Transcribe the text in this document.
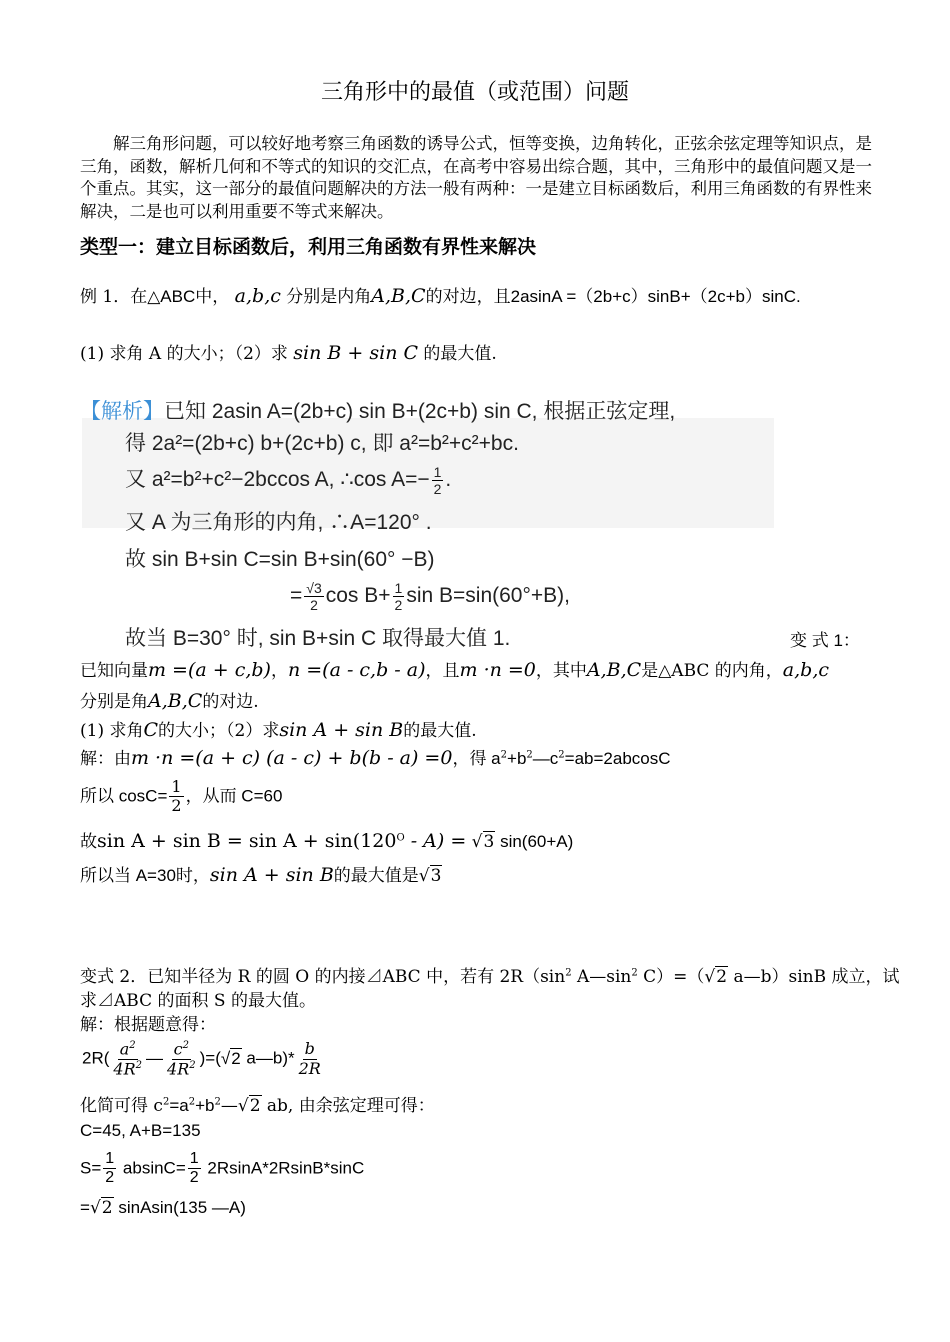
三角形中的最值（或范围）问题
解三角形问题，可以较好地考察三角函数的诱导公式，恒等变换，边角转化，正弦余弦定理等知识点，是三角，函数，解析几何和不等式的知识的交汇点，在高考中容易出综合题，其中，三角形中的最值问题又是一个重点。其实，这一部分的最值问题解决的方法一般有两种：一是建立目标函数后，利用三角函数的有界性来解决，二是也可以利用重要不等式来解决。
类型一：建立目标函数后，利用三角函数有界性来解决
例 1．在△ABC中， a,b,c 分别是内角A,B,C的对边，且2asinA =（2b+c）sinB+（2c+b）sinC.
(1) 求角 A 的大小；（2）求 sin B + sin C 的最大值.
【解析】已知 2asin A=(2b+c) sin B+(2c+b) sin C, 根据正弦定理,
得 2a²=(2b+c) b+(2c+b) c, 即 a²=b²+c²+bc.
又 a²=b²+c²−2bccos A, ∴cos $A=- \frac{1}{2}$ .
又 A 为三角形的内角, ∴A=120° .
故 sin B+sin C=sin B+sin(60° −B)
= $\frac{√3}{2}$ $\cos B+ \frac{1}{2}$ sin B=sin(60°+B),
故当 B=30° 时, sin B+sin C 取得最大值 1.	变 式 1：
已知向量m =(a + c,b)，n =(a - c,b - a)，且m ·n =0，其中A,B,C是△ABC 的内角，a,b,c
分别是角A,B,C的对边.
(1) 求角C的大小；（2）求sin A + sin B的最大值.
解：由m ·n =(a + c) (a - c) + b(b - a) =0，得 $a^2+b^2—c^2=ab=2abcosC$
所以 $\cos C= \frac{1}{2}$ ，从而 C=60
故$\sin A + \sin B = \sin A + \sin(120^O - A) = √3$ sin(60+A)
所以当 A=30时，sin A + sin B的最大值是√3
变式 2．已知半径为 R 的圆 O 的内接⊿ABC 中，若有 $2R(\sin^2$ $A—\sin^2$ C）=（√2 a—b）sinB 成立，试
求⊿ABC 的面积 S 的最大值。
解：根据题意得：
$2R( \frac{a^2}{4R^2}$ — $\frac{c^2}{4R^2} )=(√2$ a—b)* $\frac{b}{2R}$
化简可得 $c^2=a^2+b^2—√2$ ab, 由余弦定理可得：
C=45, A+B=135
$S= \frac{1}{2} absinC= \frac{1}{2} 2RsinA*2RsinB*\sin C$
=√2 sinAsin(135 —A)
